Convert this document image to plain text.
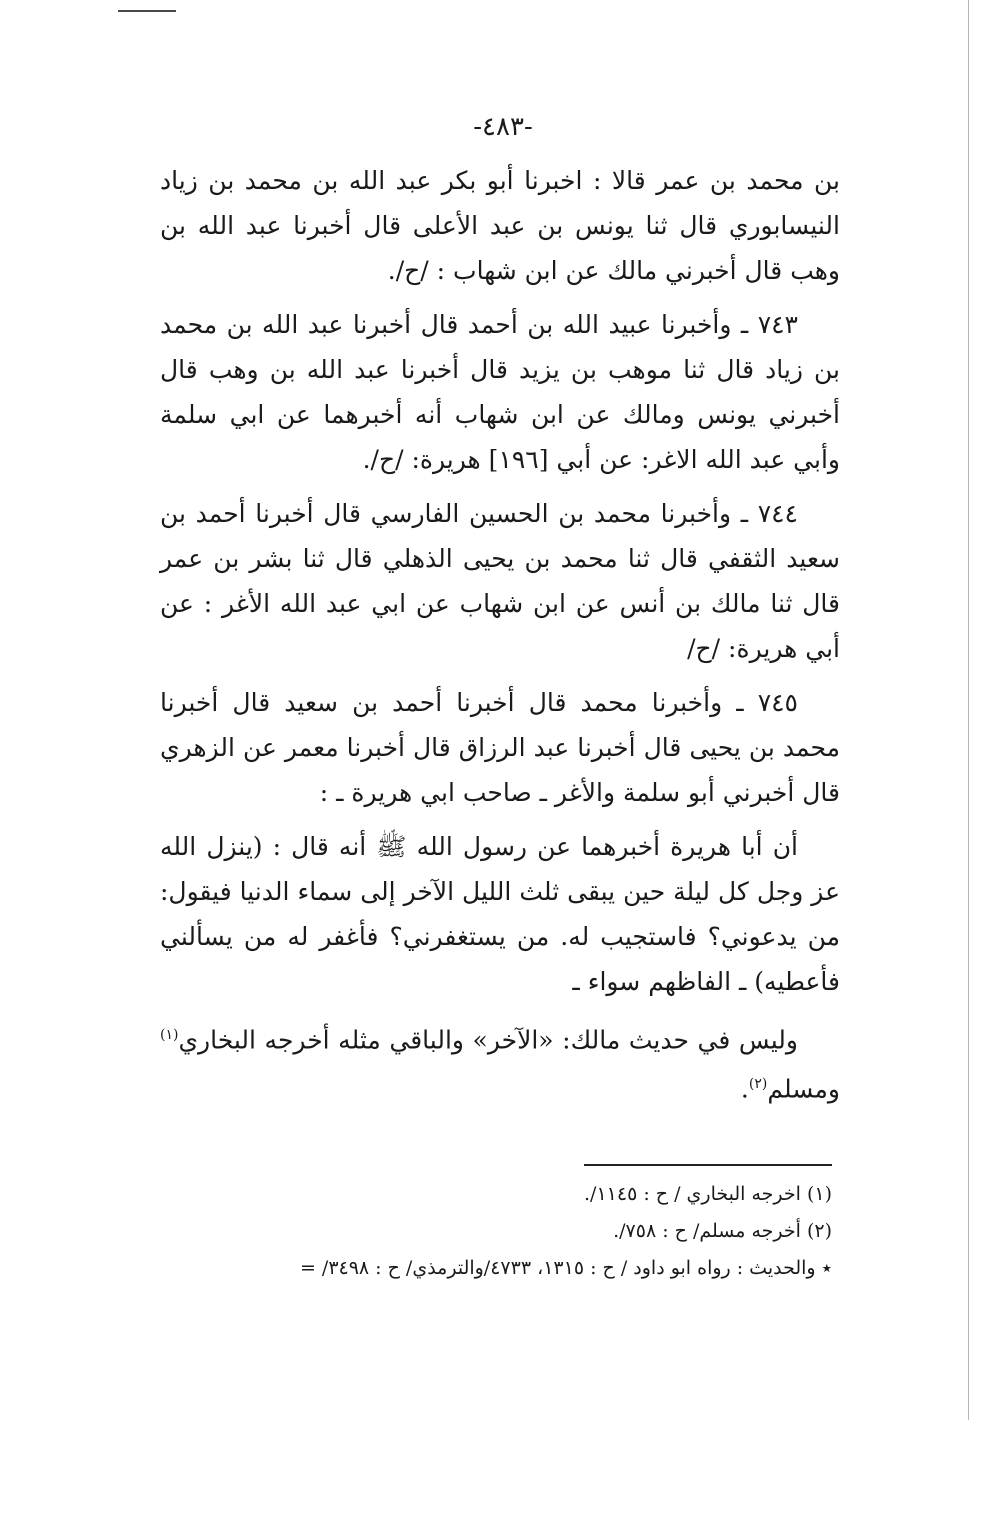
-٤٨٣-

بن محمد بن عمر قالا : اخبرنا أبو بكر عبد الله بن محمد بن زياد النيسابوري قال ثنا يونس بن عبد الأعلى قال أخبرنا عبد الله بن وهب قال أخبرني مالك عن ابن شهاب : /ح/.

٧٤٣ ـ وأخبرنا عبيد الله بن أحمد قال أخبرنا عبد الله بن محمد بن زياد قال ثنا موهب بن يزيد قال أخبرنا عبد الله بن وهب قال أخبرني يونس ومالك عن ابن شهاب أنه أخبرهما عن ابي سلمة وأبي عبد الله الاغر: عن أبي [١٩٦] هريرة: /ح/.

٧٤٤ ـ وأخبرنا محمد بن الحسين الفارسي قال أخبرنا أحمد بن سعيد الثقفي قال ثنا محمد بن يحيى الذهلي قال ثنا بشر بن عمر قال ثنا مالك بن أنس عن ابن شهاب عن ابي عبد الله الأغر : عن أبي هريرة: /ح/

٧٤٥ ـ وأخبرنا محمد قال أخبرنا أحمد بن سعيد قال أخبرنا محمد بن يحيى قال أخبرنا عبد الرزاق قال أخبرنا معمر عن الزهري قال أخبرني أبو سلمة والأغر ـ صاحب ابي هريرة ـ :

أن أبا هريرة أخبرهما عن رسول الله ﷺ أنه قال : (ينزل الله عز وجل كل ليلة حين يبقى ثلث الليل الآخر إلى سماء الدنيا فيقول: من يدعوني؟ فاستجيب له. من يستغفرني؟ فأغفر له من يسألني فأعطيه) ـ الفاظهم سواء ـ

وليس في حديث مالك: «الآخر» والباقي مثله أخرجه البخاري$^{(١)}$ ومسلم$^{(٢)}$.

(١) اخرجه البخاري / ح : ١١٤٥/.

(٢) أخرجه مسلم/ ح : ٧٥٨/.

٭ والحديث : رواه ابو داود / ح : ١٣١٥، ٤٧٣٣/والترمذي/ ح : ٣٤٩٨/ =
